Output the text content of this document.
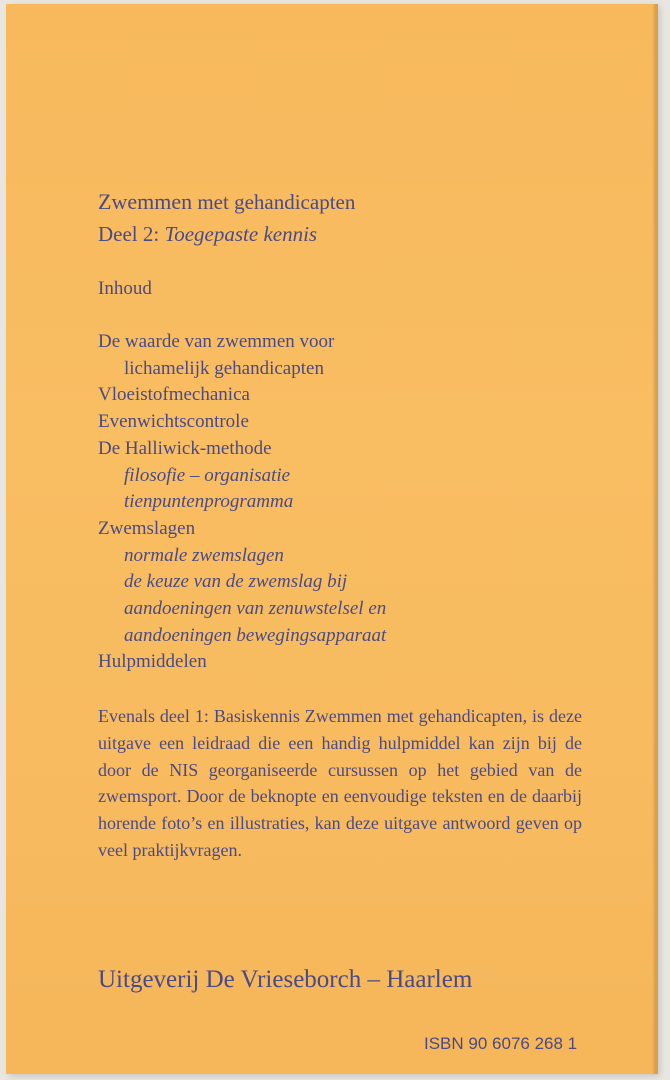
Zwemmen met gehandicapten
Deel 2: Toegepaste kennis
Inhoud
De waarde van zwemmen voor
lichamelijk gehandicapten
Vloeistofmechanica
Evenwichtscontrole
De Halliwick-methode
filosofie – organisatie
tienpuntenprogramma
Zwemslagen
normale zwemslagen
de keuze van de zwemslag bij
aandoeningen van zenuwstelsel en
aandoeningen bewegingsapparaat
Hulpmiddelen
Evenals deel 1: Basiskennis Zwemmen met gehandicapten, is deze uitgave een leidraad die een handig hulpmiddel kan zijn bij de door de NIS georganiseerde cursussen op het gebied van de zwemsport. Door de beknopte en eenvoudige teksten en de daarbij horende foto’s en illustraties, kan deze uitgave antwoord geven op veel praktijkvragen.
Uitgeverij De Vrieseborch – Haarlem
ISBN 90 6076 268 1
